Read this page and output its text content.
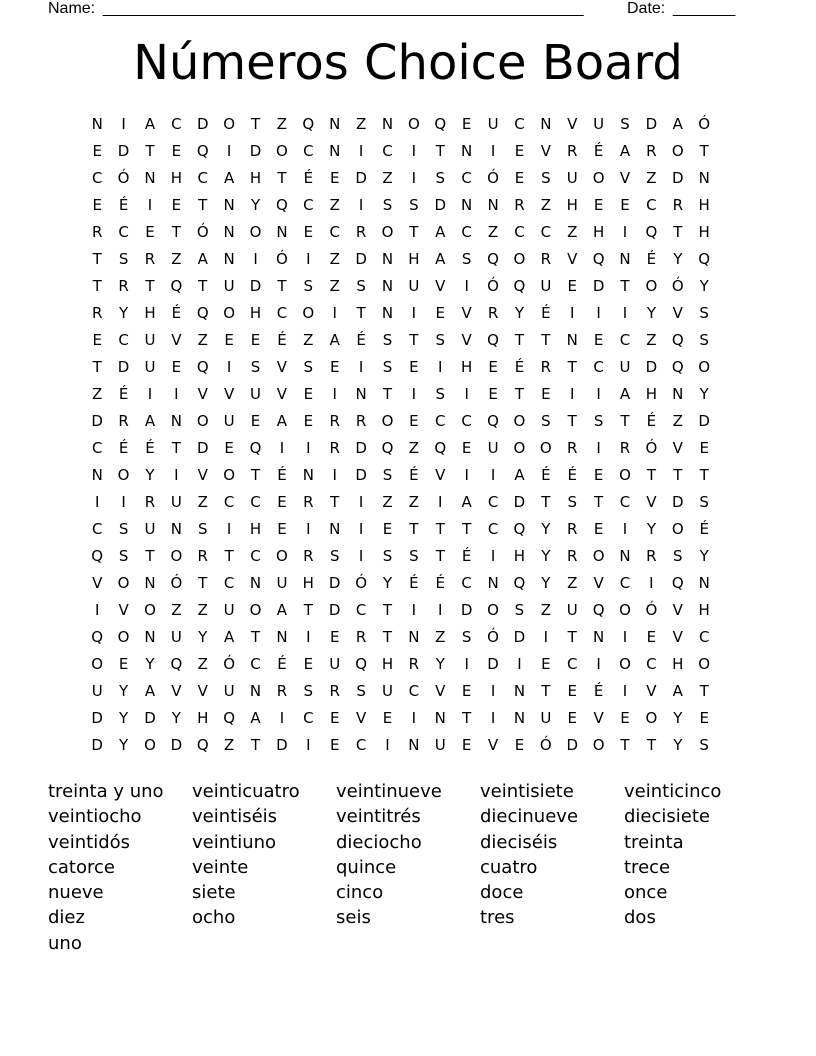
Name: ______________________________________________________	Date: _______
Números Choice Board
N	I	A	C	D O	T	Z	Q N	Z	N O Q	E	U	C	N	V	U	S	D	A	Ó
E	D	T	E	Q	I	D O	C	N	I	C	I	T	N	I	E	V	R	É	A	R	O	T
C	Ó N	H	C	A	H	T	É	E	D	Z	I	S	C	Ó	E	S	U O	V	Z	D	N
E	É	I	E	T	N	Y	Q	C	Z	I	S	S	D	N	N	R	Z	H	E	E	C	R	H
R	C	E	T	Ó N O N	E	C	R	O	T	A	C	Z	C	C	Z	H	I	Q	T	H
T	S	R	Z	A	N	I	Ó	I	Z	D	N	H	A	S	Q O	R	V	Q N	É	Y	Q
T	R	T	Q	T	U	D	T	S	Z	S	N	U	V	I	Ó Q	U	E	D	T	O Ó	Y
R	Y	H	É	Q O H	C	O	I	T	N	I	E	V	R	Y	É	I	I	I	Y	V	S
E	C	U	V	Z	E	E	É	Z	A	É	S	T	S	V	Q	T	T	N	E	C	Z	Q	S
T	D	U	E	Q	I	S	V	S	E	I	S	E	I	H	E	É	R	T	C	U	D Q O
Z	É	I	I	V	V	U	V	E	I	N	T	I	S	I	E	T	E	I	I	A	H	N	Y
D	R	A	N O	U	E	A	E	R	R	O	E	C	C	Q O	S	T	S	T	É	Z	D
C	É	É	T	D	E	Q	I	I	R	D Q	Z	Q	E	U O O	R	I	R	Ó	V	E
N O	Y	I	V	O	T	É	N	I	D	S	É	V	I	I	A	É	É	E	O	T	T	T
I	I	R	U	Z	C	C	E	R	T	I	Z	Z	I	A	C	D	T	S	T	C	V	D	S
C	S	U	N	S	I	H	E	I	N	I	E	T	T	T	C	Q	Y	R	E	I	Y	O	É
Q	S	T	O	R	T	C	O	R	S	I	S	S	T	É	I	H	Y	R	O N	R	S	Y
V	O N Ó	T	C	N	U	H D Ó	Y	É	É	C	N Q	Y	Z	V	C	I	Q N
I	V	O	Z	Z	U O	A	T	D	C	T	I	I	D O	S	Z	U Q O Ó	V	H
Q O N	U	Y	A	T	N	I	E	R	T	N	Z	S	Ó D	I	T	N	I	E	V	C
O	E	Y	Q	Z	Ó	C	É	E	U Q H	R	Y	I	D	I	E	C	I	O	C	H O
U	Y	A	V	V	U	N	R	S	R	S	U	C	V	E	I	N	T	E	É	I	V	A	T
D	Y	D	Y	H Q	A	I	C	E	V	E	I	N	T	I	N	U	E	V	E	O	Y	E
D	Y	O D Q	Z	T	D	I	E	C	I	N	U	E	V	E	Ó D O	T	T	Y	S
treinta y uno	veinticuatro	veintinueve	veintisiete	veinticinco
veintiocho	veintiséis	veintitrés	diecinueve	diecisiete
veintidós	veintiuno	dieciocho	dieciséis	treinta
catorce	veinte	quince	cuatro	trece
nueve	siete	cinco	doce	once
diez	ocho	seis	tres	dos
uno
